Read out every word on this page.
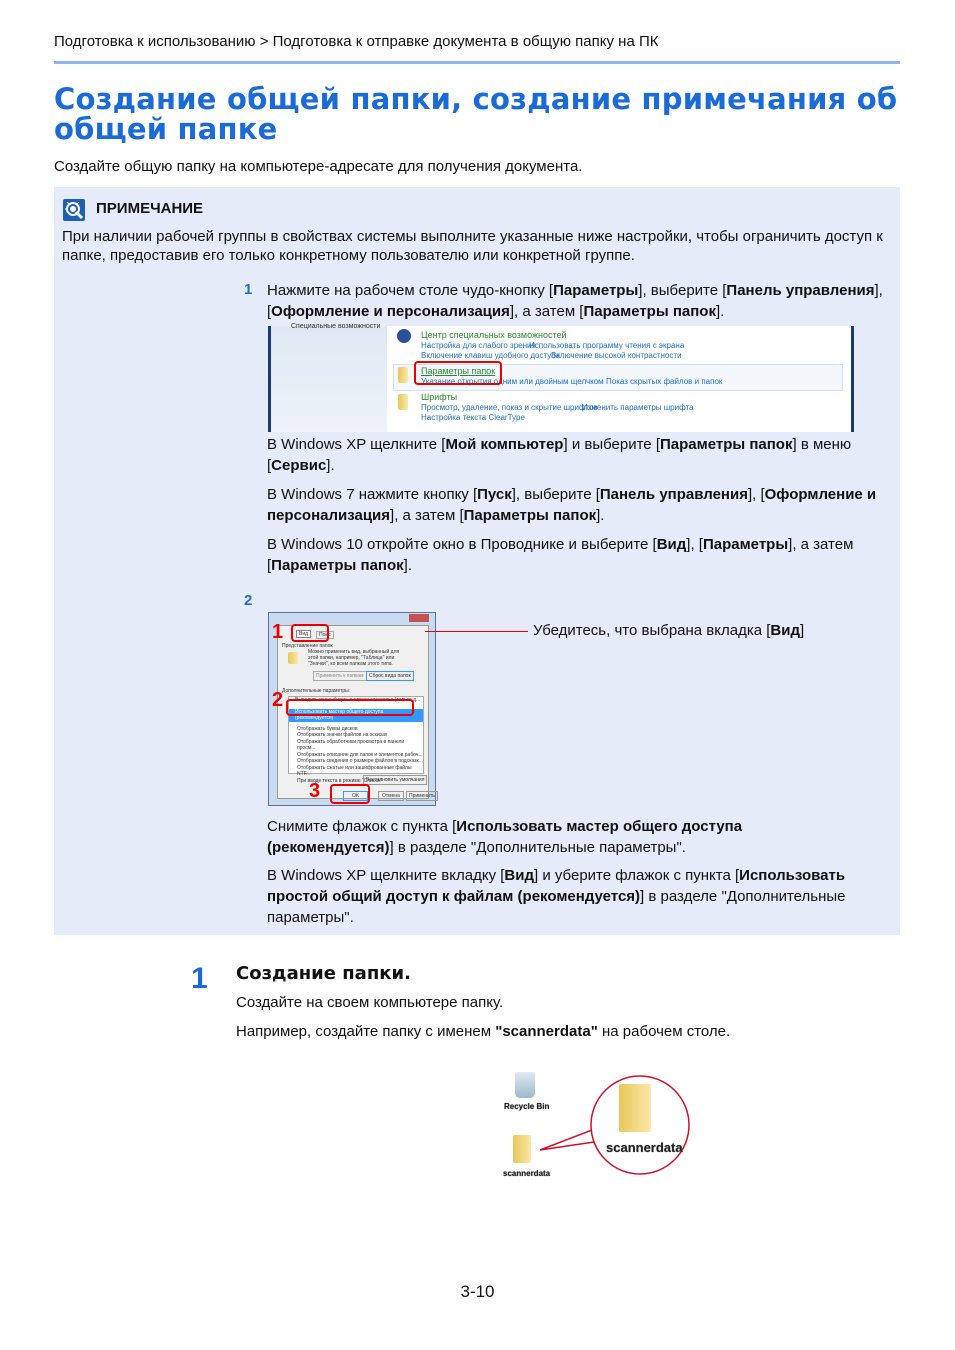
Подготовка к использованию > Подготовка к отправке документа в общую папку на ПК
Создание общей папки, создание примечания об общей папке
Создайте общую папку на компьютере-адресате для получения документа.
ПРИМЕЧАНИЕ
При наличии рабочей группы в свойствах системы выполните указанные ниже настройки, чтобы ограничить доступ к папке, предоставив его только конкретному пользователю или конкретной группе.
1 Нажмите на рабочем столе чудо-кнопку [Параметры], выберите [Панель управления], [Оформление и персонализация], а затем [Параметры папок].
Специальные возможности
Центр специальных возможностей
Настройка для слабого зрения
Использовать программу чтения с экрана
Включение клавиш удобного доступа
Включение высокой контрастности
Параметры папок
Указание открытия одним или двойным щелчком Показ скрытых файлов и папок
Шрифты
Просмотр, удаление, показ и скрытие шрифтов
Изменить параметры шрифта
Настройка текста ClearType
В Windows XP щелкните [Мой компьютер] и выберите [Параметры папок] в меню [Сервис].
В Windows 7 нажмите кнопку [Пуск], выберите [Панель управления], [Оформление и персонализация], а затем [Параметры папок].
В Windows 10 откройте окно в Проводнике и выберите [Вид], [Параметры], а затем [Параметры папок].
2
Вид	Поис
Представление папок
Можно применить вид, выбранный для этой папки, например, "Таблица" или "Значки", ко всем папкам этого типа.
Применить к папкам	Сброс вида папок
Дополнительные параметры:
Выводить полный путь в строке заголовка (только д...
Использовать мастер общего доступа (рекомендуется)
Отображать буквы дисков
Отображать значки файлов на эскизах
Отображать обработчики просмотра в панели просм...
Отображать описание для папок и элементов рабоч...
Отображать сведения о размере файлов в подсказк...
Отображать сжатые или зашифрованные файлы NTF...
При вводе текста в режиме "Список"
Восстановить умолчания
OK	Отмена	Применить
1
2
3
Убедитесь, что выбрана вкладка [Вид]
Снимите флажок с пункта [Использовать мастер общего доступа (рекомендуется)] в разделе "Дополнительные параметры".
В Windows XP щелкните вкладку [Вид] и уберите флажок с пункта [Использовать простой общий доступ к файлам (рекомендуется)] в разделе "Дополнительные параметры".
1 Создание папки.
Создайте на своем компьютере папку.
Например, создайте папку с именем "scannerdata" на рабочем столе.
Recycle Bin
scannerdata
scannerdata
3-10
